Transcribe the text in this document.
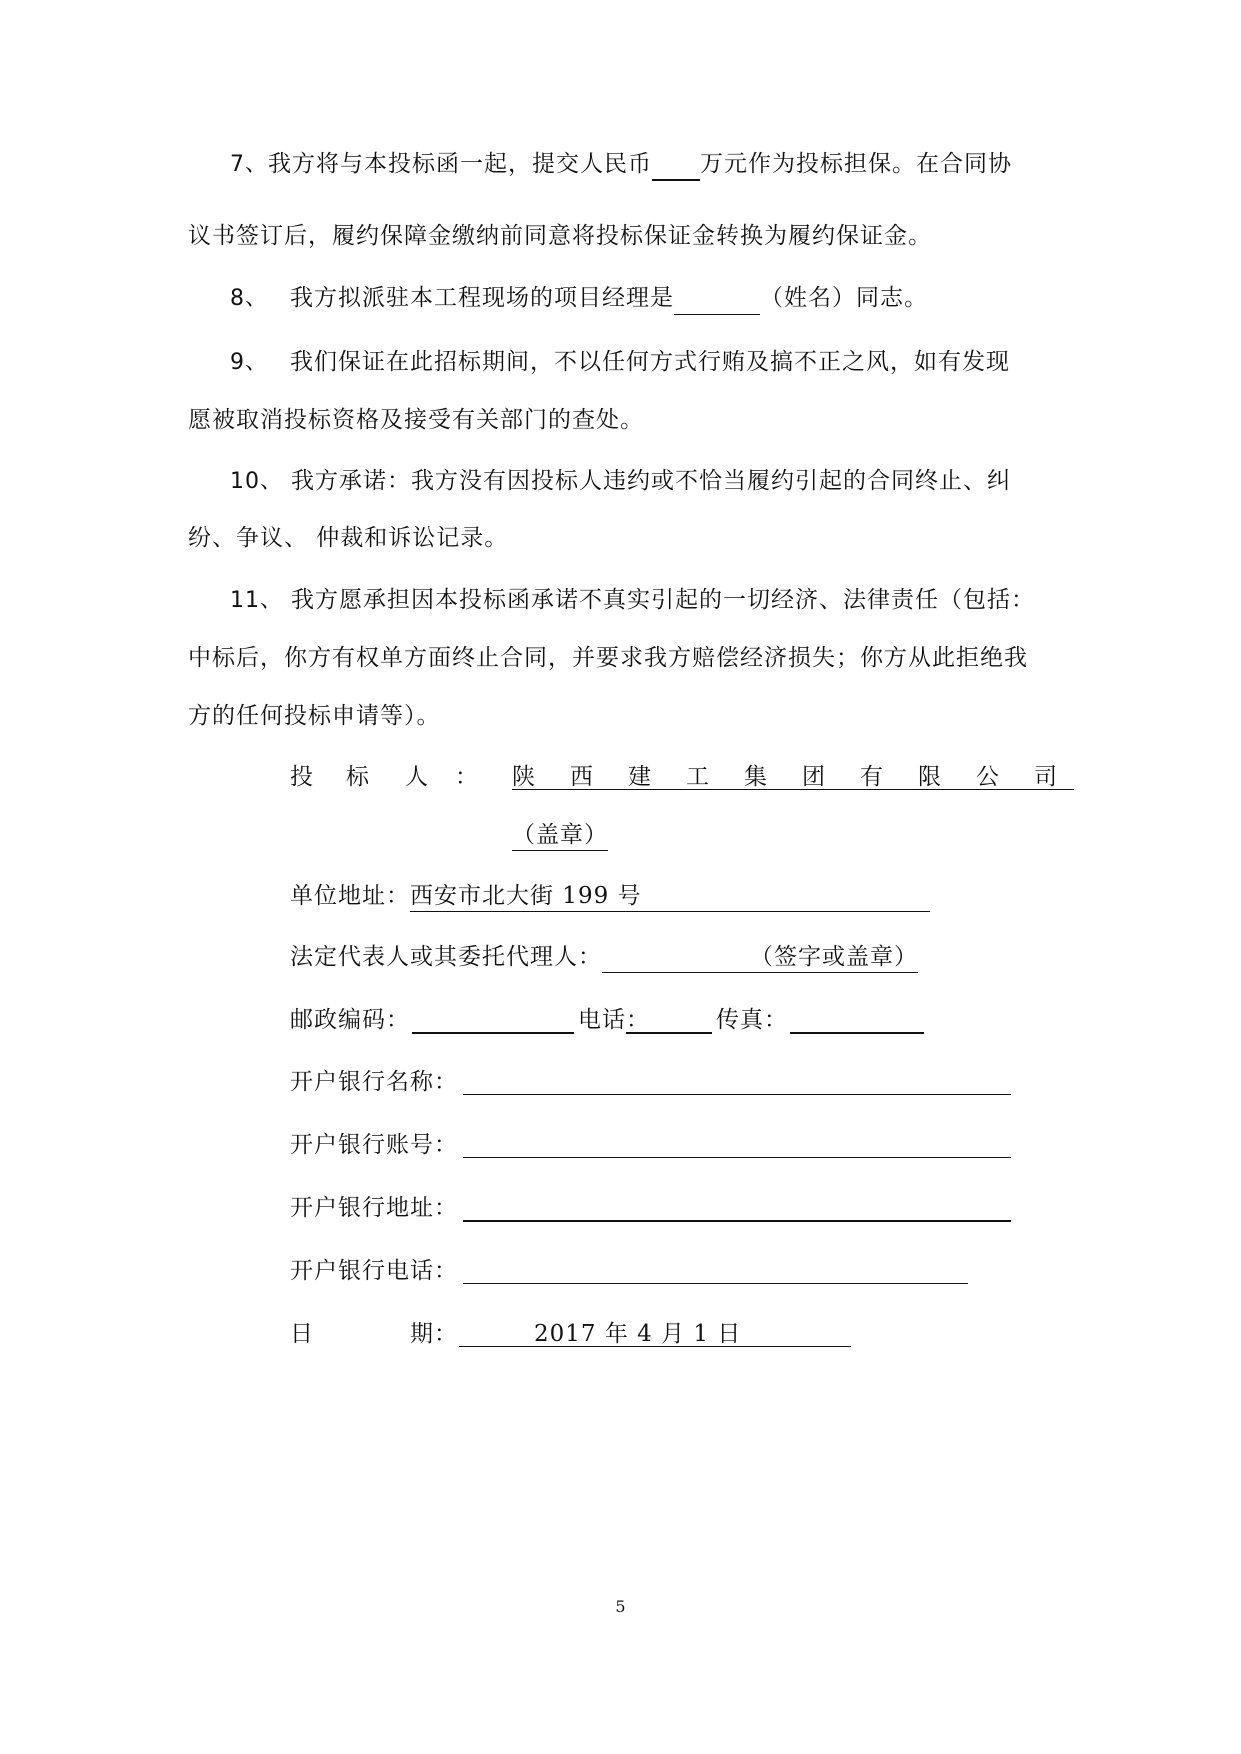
7、我方将与本投标函一起，提交人民币 万元作为投标担保。在合同协
议书签订后，履约保障金缴纳前同意将投标保证金转换为履约保证金。
8、 我方拟派驻本工程现场的项目经理是	（姓名）同志。
9、 我们保证在此招标期间，不以任何方式行贿及搞不正之风，如有发现
愿被取消投标资格及接受有关部门的查处。
10、 我方承诺：我方没有因投标人违约或不恰当履约引起的合同终止、纠
纷、争议、 仲裁和诉讼记录。
11、 我方愿承担因本投标函承诺不真实引起的一切经济、法律责任（包括：
中标后，你方有权单方面终止合同，并要求我方赔偿经济损失；你方从此拒绝我
方的任何投标申请等）。
投 标 人 ： 陕 西 建 工 集 团 有 限 公 司
（盖章）
单位地址：西安市北大街 199 号
法定代表人或其委托代理人：	（签字或盖章）
邮政编码：	电话：	传真：
开户银行名称：
开户银行账号：
开户银行地址：
开户银行电话：
日	期：	2017 年 4 月 1 日
5
